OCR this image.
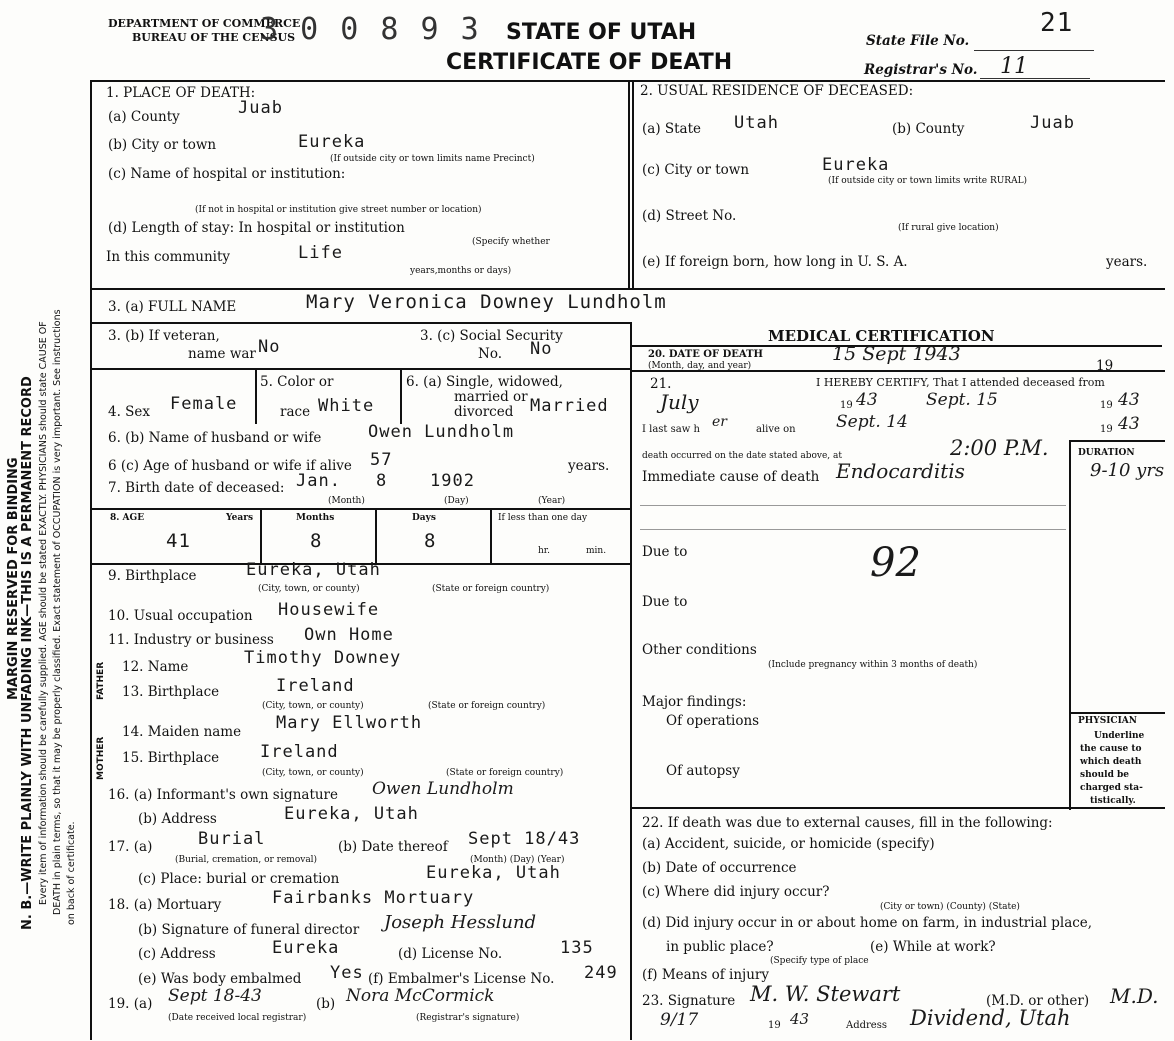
MARGIN RESERVED FOR BINDING N. B.—WRITE PLAINLY WITH UNFADING INK—THIS IS A PERMANENT RECORD Every item of information should be carefully supplied. AGE should be stated EXACTLY. PHYSICIANS should state CAUSE OF DEATH in plain terms, so that it may be properly classified. Exact statement of OCCUPATION is very important. See instructions on back of certificate.
DEPARTMENT OF COMMERCE
BUREAU OF THE CENSUS
3 0 0 8 9 3 STATE OF UTAH
CERTIFICATE OF DEATH
State File No.
21
Registrar's No. 11
1. PLACE OF DEATH:
(a) County	Juab
(b) City or town	Eureka
(If outside city or town limits name Precinct)
(c) Name of hospital or institution:
(If not in hospital or institution give street number or location)
(d) Length of stay: In hospital or institution
(Specify whether
In this community	Life
years,months or days)
2. USUAL RESIDENCE OF DECEASED:
(a) State Utah	(b) County	Juab
(c) City or town	Eureka
(If outside city or town limits write RURAL)
(d) Street No.
(If rural give location)
(e) If foreign born, how long in U. S. A.	years.
3. (a) FULL NAME	Mary Veronica Downey Lundholm
3. (b) If veteran,
name war No
3. (c) Social Security
No. No
5. Color or
race White
6. (a) Single, widowed,
married or
divorced Married
4. Sex Female
6. (b) Name of husband or wife	Owen Lundholm
6 (c) Age of husband or wife if alive 57	years.
7. Birth date of deceased: Jan. 8	1902
(Month)	(Day)	(Year)
8. AGE	Years	Months	Days	If less than one day
41	8	8	hr.	min.
9. Birthplace	Eureka, Utah
(City, town, or county)	(State or foreign country)
10. Usual occupation Housewife
11. Industry or business Own Home
FATHER
MOTHER
12. Name	Timothy Downey
13. Birthplace	Ireland
(City, town, or county)	(State or foreign country)
14. Maiden name Mary Ellworth
15. Birthplace Ireland
(City, town, or county)	(State or foreign country)
16. (a) Informant's own signature Owen Lundholm
(b) Address	Eureka, Utah
17. (a)	Burial
(Burial, cremation, or removal)
(b) Date thereof Sept 18/43
(Month) (Day) (Year)
(c) Place: burial or cremation	Eureka, Utah
18. (a) Mortuary	Fairbanks Mortuary
(b) Signature of funeral director Joseph Hesslund
(c) Address	Eureka	(d) License No.	135
(e) Was body embalmed Yes (f) Embalmer's License No. 249
19. (a) Sept 18-43	(b) Nora McCormick
(Date received local registrar)	(Registrar's signature)
MEDICAL CERTIFICATION
20. DATE OF DEATH
(Month, day, and year)
15 Sept 1943
19
21.	I HEREBY CERTIFY, That I attended deceased from
July	19 43	Sept. 15	19 43
I last saw h er	alive on Sept. 14	19 43
death occurred on the date stated above, at	2:00 P.M.	DURATION
9-10 yrs
Immediate cause of death Endocarditis
Due to	92
Due to
Other conditions
(Include pregnancy within 3 months of death)
Major findings:
Of operations
Of autopsy
PHYSICIAN
Underline
the cause to
which death
should be
charged sta-
tistically.
22. If death was due to external causes, fill in the following:
(a) Accident, suicide, or homicide (specify)
(b) Date of occurrence
(c) Where did injury occur?
(City or town) (County) (State)
(d) Did injury occur in or about home on farm, in industrial place,
in public place?	(e) While at work?
(Specify type of place
(f) Means of injury
23. Signature M. W. Stewart	(M.D. or other) M.D.
9/17	19 43	Address Dividend, Utah
